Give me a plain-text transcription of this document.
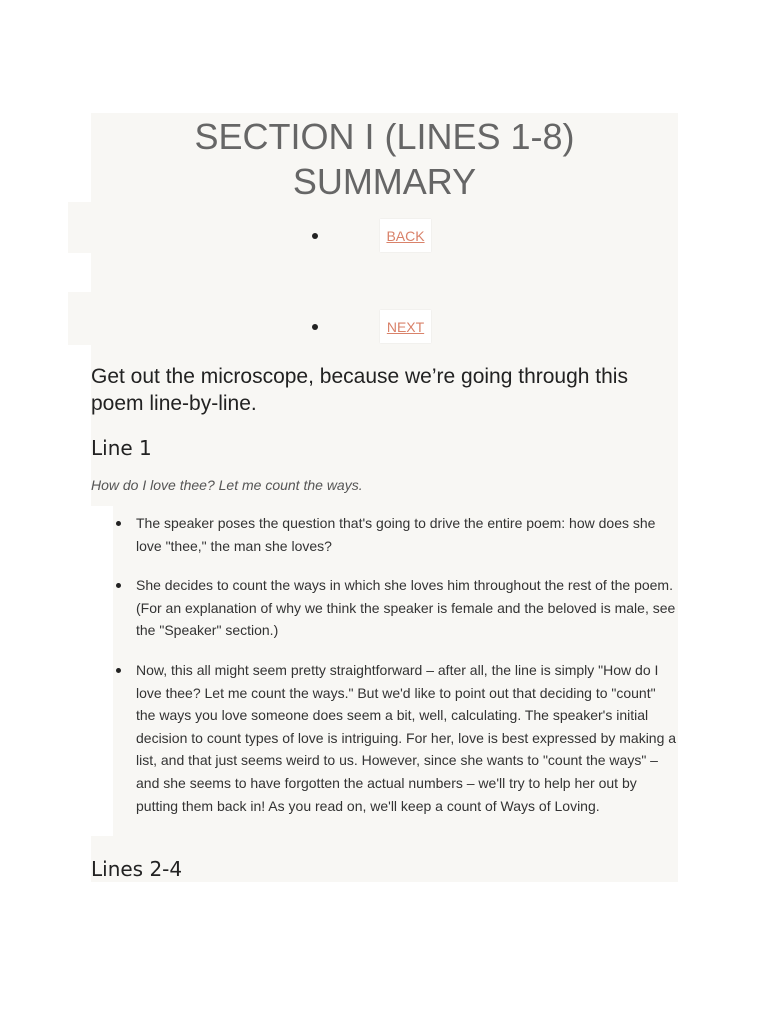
SECTION I (LINES 1-8)
SUMMARY
BACK
NEXT

Get out the microscope, because we’re going through this poem line-by-line.

Line 1

How do I love thee? Let me count the ways.

The speaker poses the question that's going to drive the entire poem: how does she love "thee," the man she loves?
She decides to count the ways in which she loves him throughout the rest of the poem. (For an explanation of why we think the speaker is female and the beloved is male, see the "Speaker" section.)
Now, this all might seem pretty straightforward – after all, the line is simply "How do I love thee? Let me count the ways." But we'd like to point out that deciding to "count" the ways you love someone does seem a bit, well, calculating. The speaker's initial decision to count types of love is intriguing. For her, love is best expressed by making a list, and that just seems weird to us. However, since she wants to "count the ways" – and she seems to have forgotten the actual numbers – we'll try to help her out by putting them back in! As you read on, we'll keep a count of Ways of Loving.
Lines 2-4
